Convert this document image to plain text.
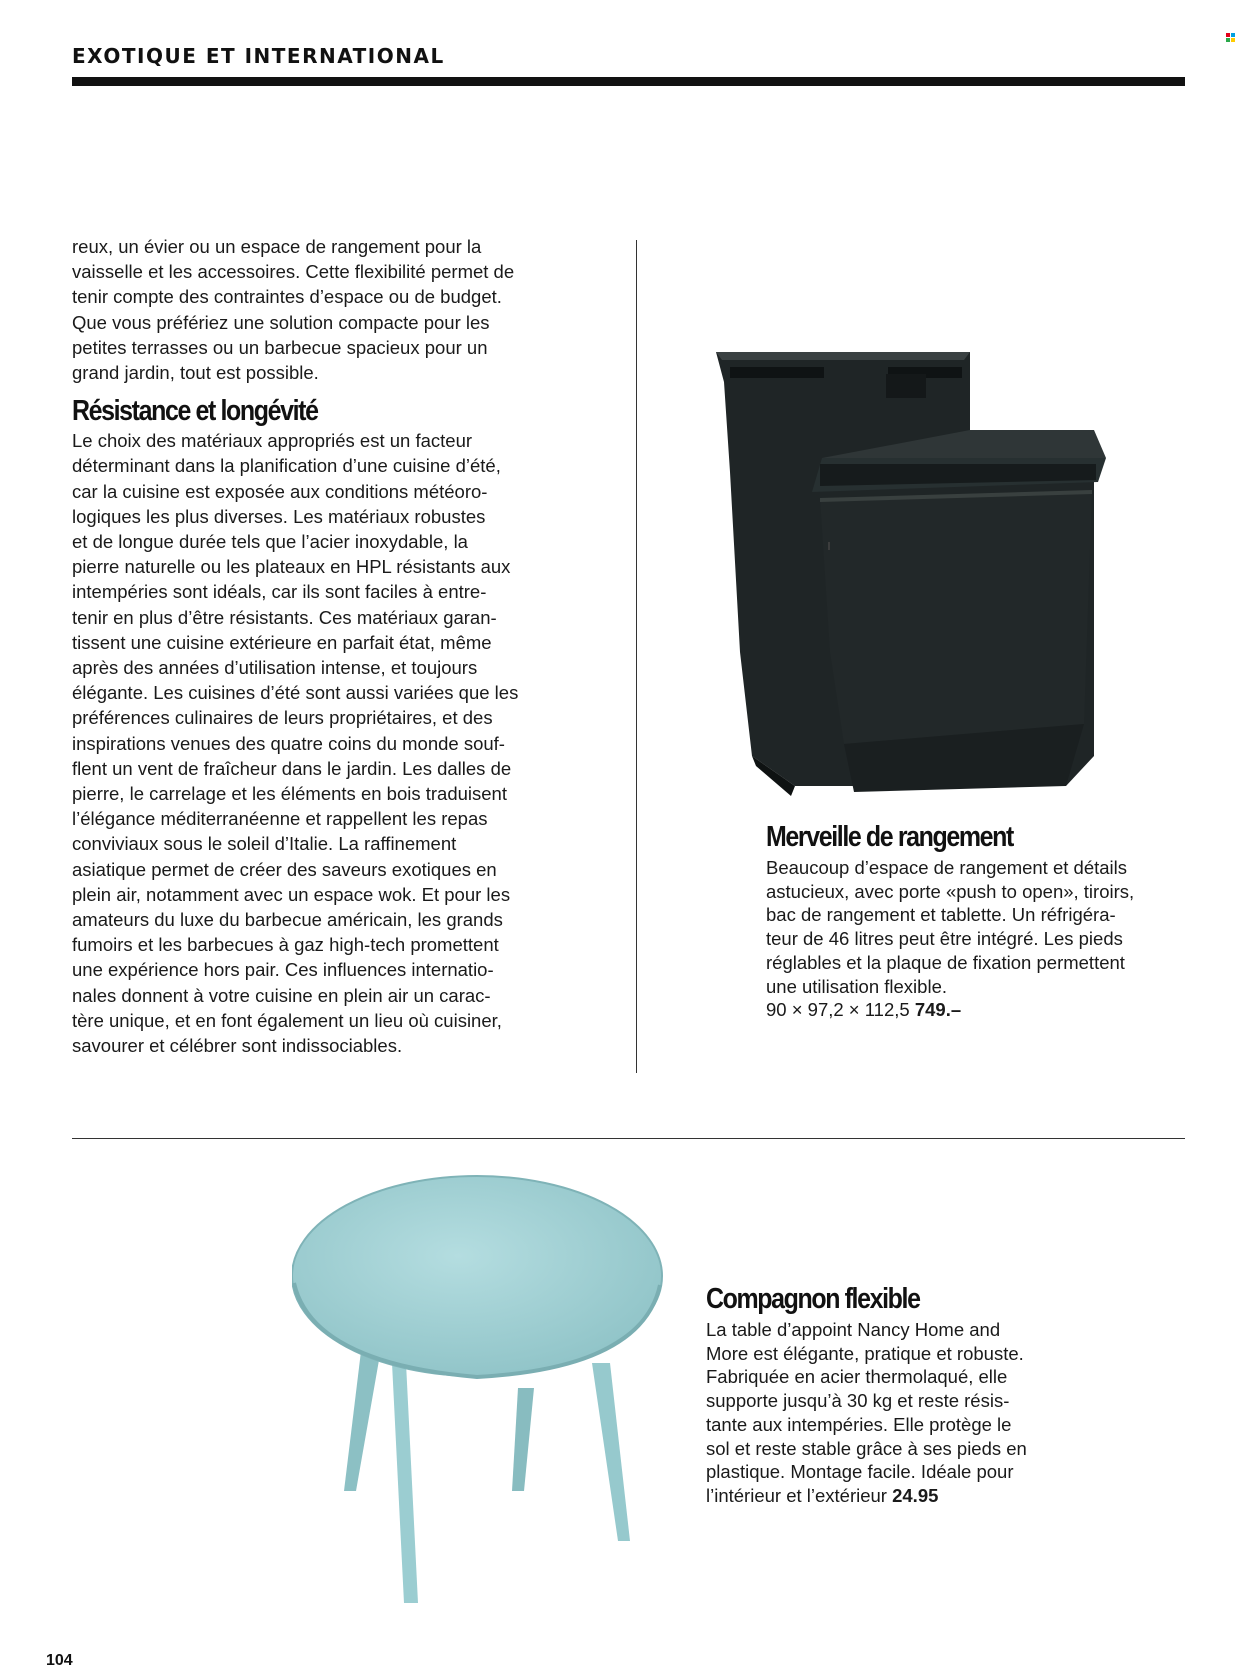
EXOTIQUE ET INTERNATIONAL

reux, un évier ou un espace de rangement pour la
vaisselle et les accessoires. Cette flexibilité permet de
tenir compte des contraintes d’espace ou de budget.
Que vous préfériez une solution compacte pour les
petites terrasses ou un barbecue spacieux pour un
grand jardin, tout est possible.

Résistance et longévité

Le choix des matériaux appropriés est un facteur
déterminant dans la planification d’une cuisine d’été,
car la cuisine est exposée aux conditions météoro-
logiques les plus diverses. Les matériaux robustes
et de longue durée tels que l’acier inoxydable, la
pierre naturelle ou les plateaux en HPL résistants aux
intempéries sont idéals, car ils sont faciles à entre-
tenir en plus d’être résistants. Ces matériaux garan-
tissent une cuisine extérieure en parfait état, même
après des années d’utilisation intense, et toujours
élégante. Les cuisines d’été sont aussi variées que les
préférences culinaires de leurs propriétaires, et des
inspirations venues des quatre coins du monde souf-
flent un vent de fraîcheur dans le jardin. Les dalles de
pierre, le carrelage et les éléments en bois traduisent
l’élégance méditerranéenne et rappellent les repas
conviviaux sous le soleil d’Italie. La raffinement
asiatique permet de créer des saveurs exotiques en
plein air, notamment avec un espace wok. Et pour les
amateurs du luxe du barbecue américain, les grands
fumoirs et les barbecues à gaz high-tech promettent
une expérience hors pair. Ces influences internatio-
nales donnent à votre cuisine en plein air un carac-
tère unique, et en font également un lieu où cuisiner,
savourer et célébrer sont indissociables.

Merveille de rangement

Beaucoup d’espace de rangement et détails
astucieux, avec porte «push to open», tiroirs,
bac de rangement et tablette. Un réfrigéra-
teur de 46 litres peut être intégré. Les pieds
réglables et la plaque de fixation permettent
une utilisation flexible.
90 × 97,2 × 112,5 749.–

Compagnon flexible

La table d’appoint Nancy Home and
More est élégante, pratique et robuste.
Fabriquée en acier thermolaqué, elle
supporte jusqu’à 30 kg et reste résis-
tante aux intempéries. Elle protège le
sol et reste stable grâce à ses pieds en
plastique. Montage facile. Idéale pour
l’intérieur et l’extérieur 24.95

104
